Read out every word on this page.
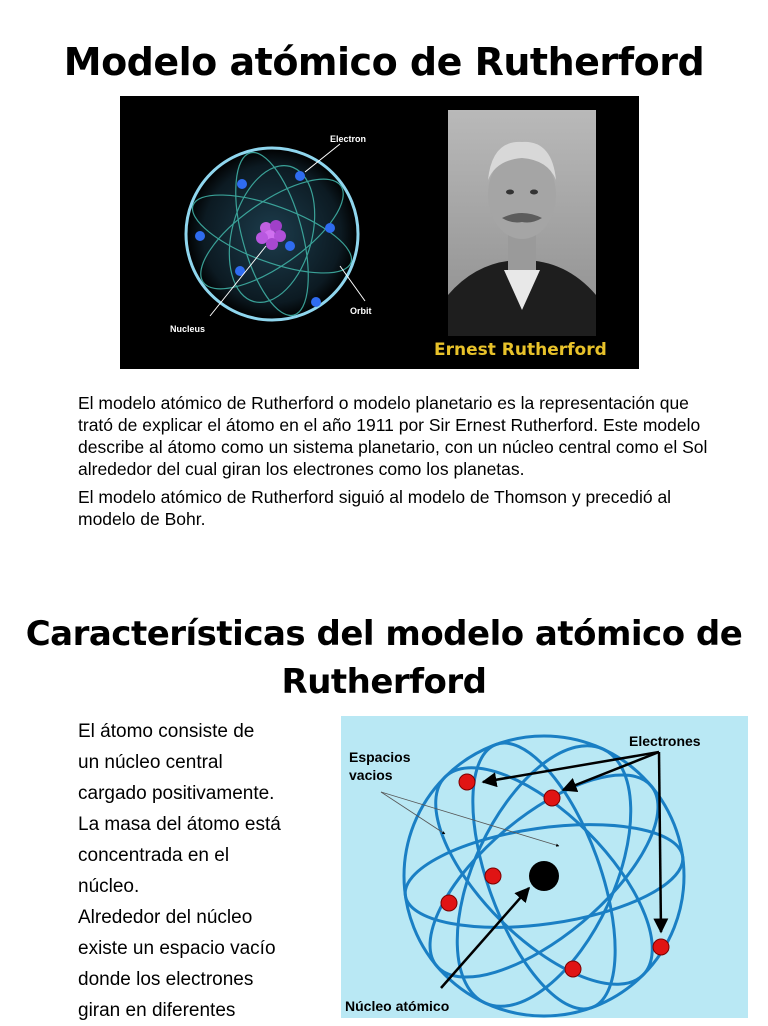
Modelo atómico de Rutherford
Electron
Nucleus
Orbit
Ernest Rutherford

El modelo atómico de Rutherford o modelo planetario es la representación que trató de explicar el átomo en el año 1911 por Sir Ernest Rutherford. Este modelo describe al átomo como un sistema planetario, con un núcleo central como el Sol alrededor del cual giran los electrones como los planetas.

El modelo atómico de Rutherford siguió al modelo de Thomson y precedió al modelo de Bohr.

Características del modelo atómico de
Rutherford
El átomo consiste de
un núcleo central
cargado positivamente.
La masa del átomo está
concentrada en el
núcleo.
Alrededor del núcleo
existe un espacio vacío
donde los electrones
giran en diferentes
Espacios
vacios
Electrones
Núcleo atómico
